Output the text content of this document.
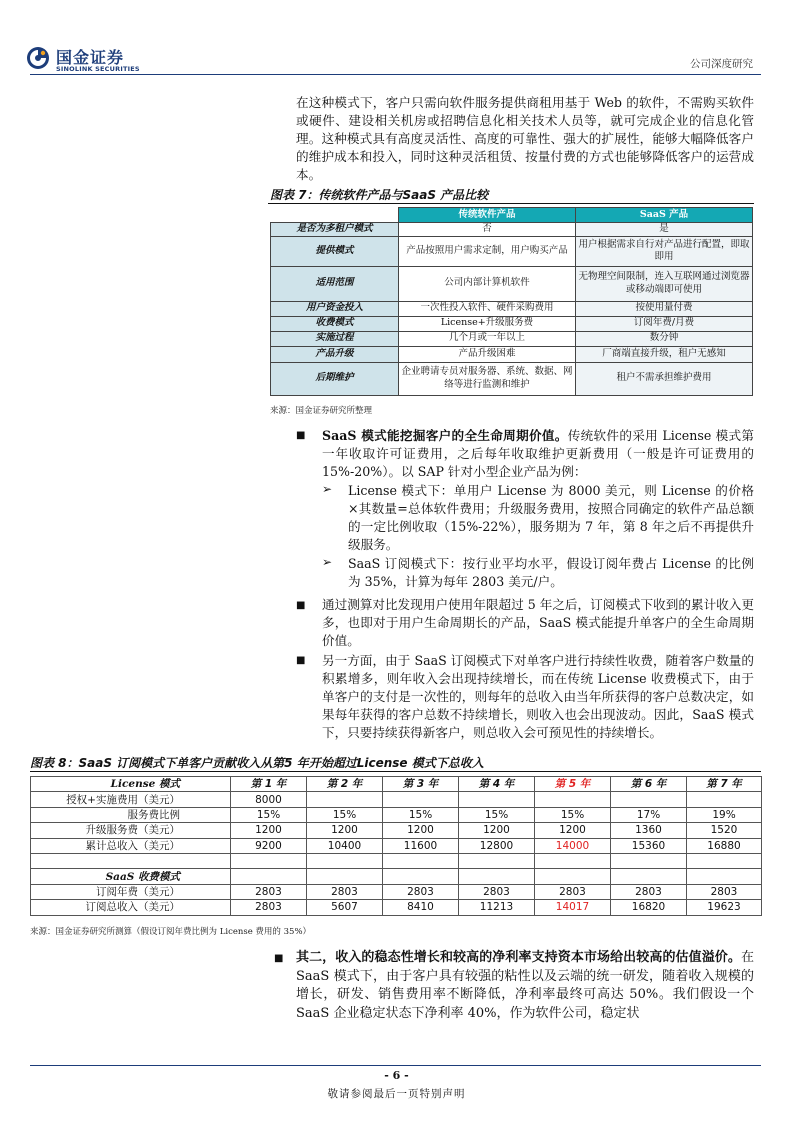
国金证券
SINOLINK SECURITIES	公司深度研究
在这种模式下，客户只需向软件服务提供商租用基于 Web 的软件，不需购买软件或硬件、建设相关机房或招聘信息化相关技术人员等，就可完成企业的信息化管理。这种模式具有高度灵活性、高度的可靠性、强大的扩展性，能够大幅降低客户的维护成本和投入，同时这种灵活租赁、按量付费的方式也能够降低客户的运营成本。
图表 7：传统软件产品与SaaS 产品比较
	传统软件产品	SaaS 产品
是否为多租户模式	否	是
提供模式	产品按照用户需求定制，用户购买产品	用户根据需求自行对产品进行配置，即取即用
适用范围	公司内部计算机软件	无物理空间限制，连入互联网通过浏览器或移动端即可使用
用户资金投入	一次性投入软件、硬件采购费用	按使用量付费
收费模式	License+升级服务费	订阅年费/月费
实施过程	几个月或一年以上	数分钟
产品升级	产品升级困难	厂商端直接升级，租户无感知
后期维护	企业聘请专员对服务器、系统、数据、网络等进行监测和维护	租户不需承担维护费用
来源：国金证券研究所整理
■ SaaS 模式能挖掘客户的全生命周期价值。传统软件的采用 License 模式第一年收取许可证费用，之后每年收取维护更新费用（一般是许可证费用的 15%-20%）。以 SAP 针对小型企业产品为例：
➢ License 模式下：单用户 License 为 8000 美元，则 License 的价格×其数量=总体软件费用；升级服务费用，按照合同确定的软件产品总额的一定比例收取（15%-22%），服务期为 7 年，第 8 年之后不再提供升级服务。
➢ SaaS 订阅模式下：按行业平均水平，假设订阅年费占 License 的比例为 35%，计算为每年 2803 美元/户。
■ 通过测算对比发现用户使用年限超过 5 年之后，订阅模式下收到的累计收入更多，也即对于用户生命周期长的产品，SaaS 模式能提升单客户的全生命周期价值。
■ 另一方面，由于 SaaS 订阅模式下对单客户进行持续性收费，随着客户数量的积累增多，则年收入会出现持续增长，而在传统 License 收费模式下，由于单客户的支付是一次性的，则每年的总收入由当年所获得的客户总数决定，如果每年获得的客户总数不持续增长，则收入也会出现波动。因此，SaaS 模式下，只要持续获得新客户，则总收入会可预见性的持续增长。
图表 8：SaaS 订阅模式下单客户贡献收入从第5 年开始超过License 模式下总收入
License 模式	第 1 年	第 2 年	第 3 年	第 4 年	第 5 年	第 6 年	第 7 年
授权+实施费用（美元）	8000						
服务费比例	15%	15%	15%	15%	15%	17%	19%
升级服务费（美元）	1200	1200	1200	1200	1200	1360	1520
累计总收入（美元）	9200	10400	11600	12800	14000	15360	16880

SaaS 收费模式							
订阅年费（美元）	2803	2803	2803	2803	2803	2803	2803
订阅总收入（美元）	2803	5607	8410	11213	14017	16820	19623
来源：国金证券研究所测算（假设订阅年费比例为 License 费用的 35%）
■ 其二，收入的稳态性增长和较高的净利率支持资本市场给出较高的估值溢价。在 SaaS 模式下，由于客户具有较强的粘性以及云端的统一研发，随着收入规模的增长，研发、销售费用率不断降低，净利率最终可高达 50%。我们假设一个 SaaS 企业稳定状态下净利率 40%，作为软件公司，稳定状
- 6 -
敬请参阅最后一页特别声明
